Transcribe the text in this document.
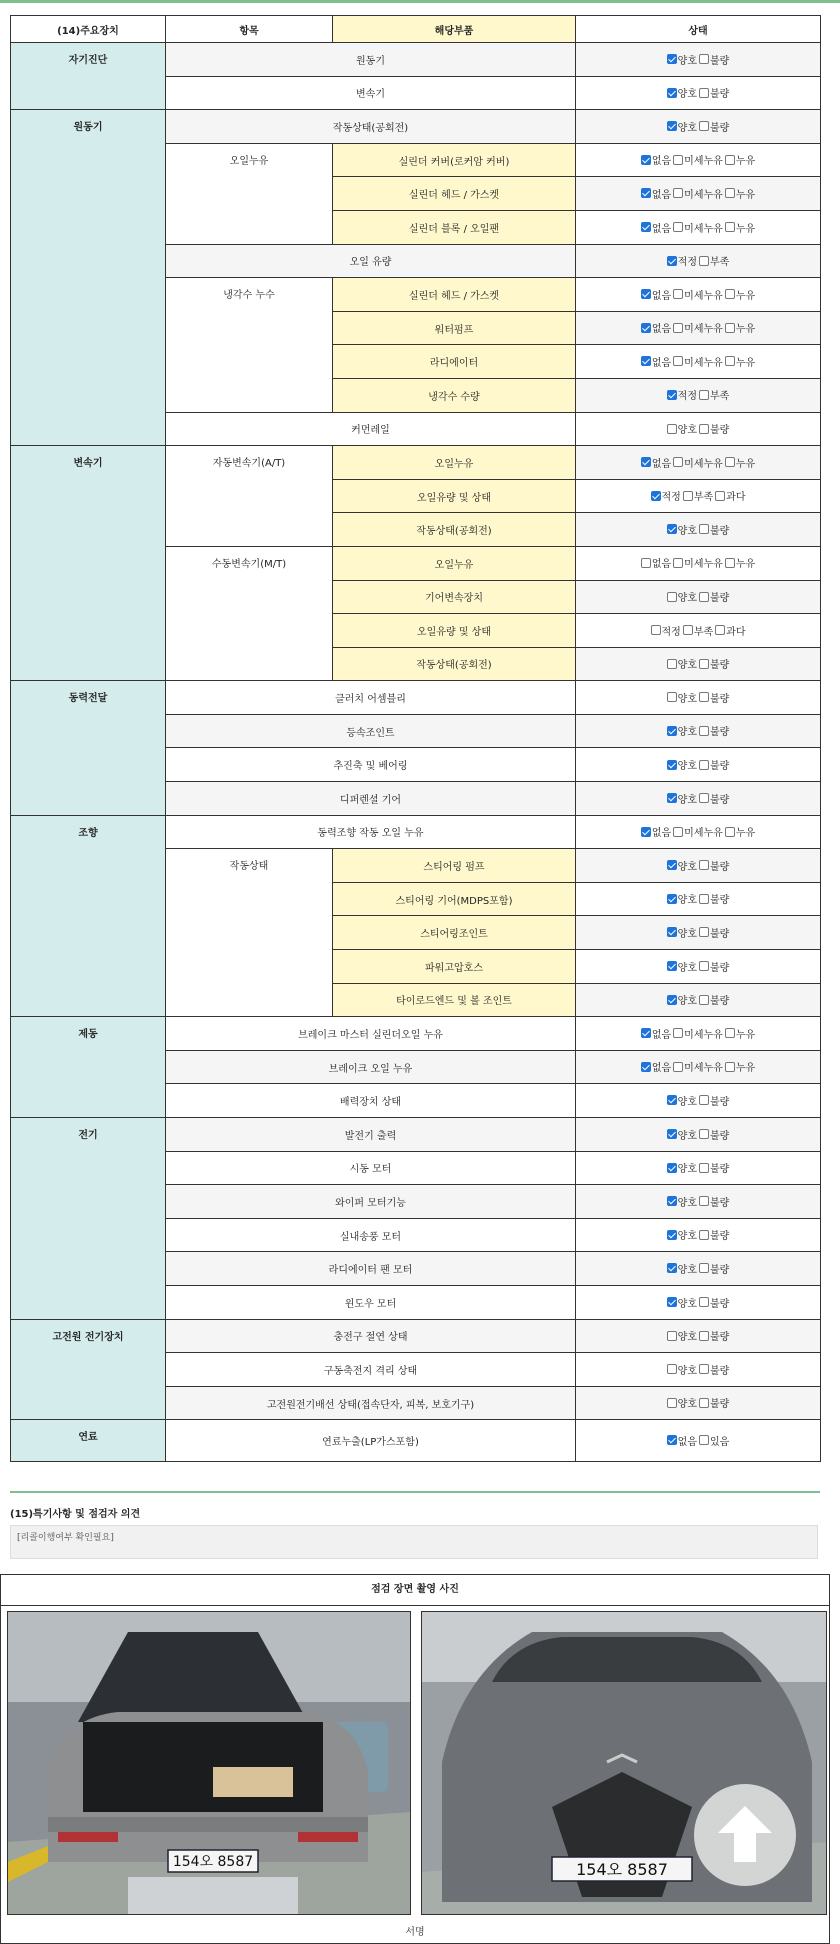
(14)주요장치	항목	해당부품	상태
자기진단	원동기		양호 불량

	변속기		양호 불량

원동기	작동상태(공회전)		양호 불량

	오일누유	실린더 커버(로커암 커버)	없음 미세누유 누유

		실린더 헤드 / 가스켓	없음 미세누유 누유

		실린더 블록 / 오일팬	없음 미세누유 누유

	오일 유량		적정 부족

	냉각수 누수	실린더 헤드 / 가스켓	없음 미세누유 누유

		워터펌프	없음 미세누유 누유

		라디에이터	없음 미세누유 누유

		냉각수 수량	적정 부족

	커먼레일		양호 불량

변속기	자동변속기(A/T)	오일누유	없음 미세누유 누유

		오일유량 및 상태	적정 부족 과다

		작동상태(공회전)	양호 불량

	수동변속기(M/T)	오일누유	없음 미세누유 누유

		기어변속장치	양호 불량

		오일유량 및 상태	적정 부족 과다

		작동상태(공회전)	양호 불량

동력전달	클러치 어셈블리		양호 불량

	등속조인트		양호 불량

	추진축 및 베어링		양호 불량

	디퍼렌셜 기어		양호 불량

조향	동력조향 작동 오일 누유		없음 미세누유 누유

	작동상태	스티어링 펌프	양호 불량

		스티어링 기어(MDPS포함)	양호 불량

		스티어링조인트	양호 불량

		파워고압호스	양호 불량

		타이로드엔드 및 볼 조인트	양호 불량

제동	브레이크 마스터 실린더오일 누유		없음 미세누유 누유

	브레이크 오일 누유		없음 미세누유 누유

	배력장치 상태		양호 불량

전기	발전기 출력		양호 불량

	시동 모터		양호 불량

	와이퍼 모터기능		양호 불량

	실내송풍 모터		양호 불량

	라디에이터 팬 모터		양호 불량

	윈도우 모터		양호 불량

고전원 전기장치	충전구 절연 상태		양호 불량

	구동축전지 격리 상태		양호 불량

	고전원전기배선 상태(접속단자, 피복, 보호기구)		양호 불량

연료	연료누출(LP가스포함)		없음 있음
(15)특기사항 및 점검자 의견
[리콜이행여부 확인필요]
점검 장면 촬영 사진
154오 8587	154오 8587
서명
